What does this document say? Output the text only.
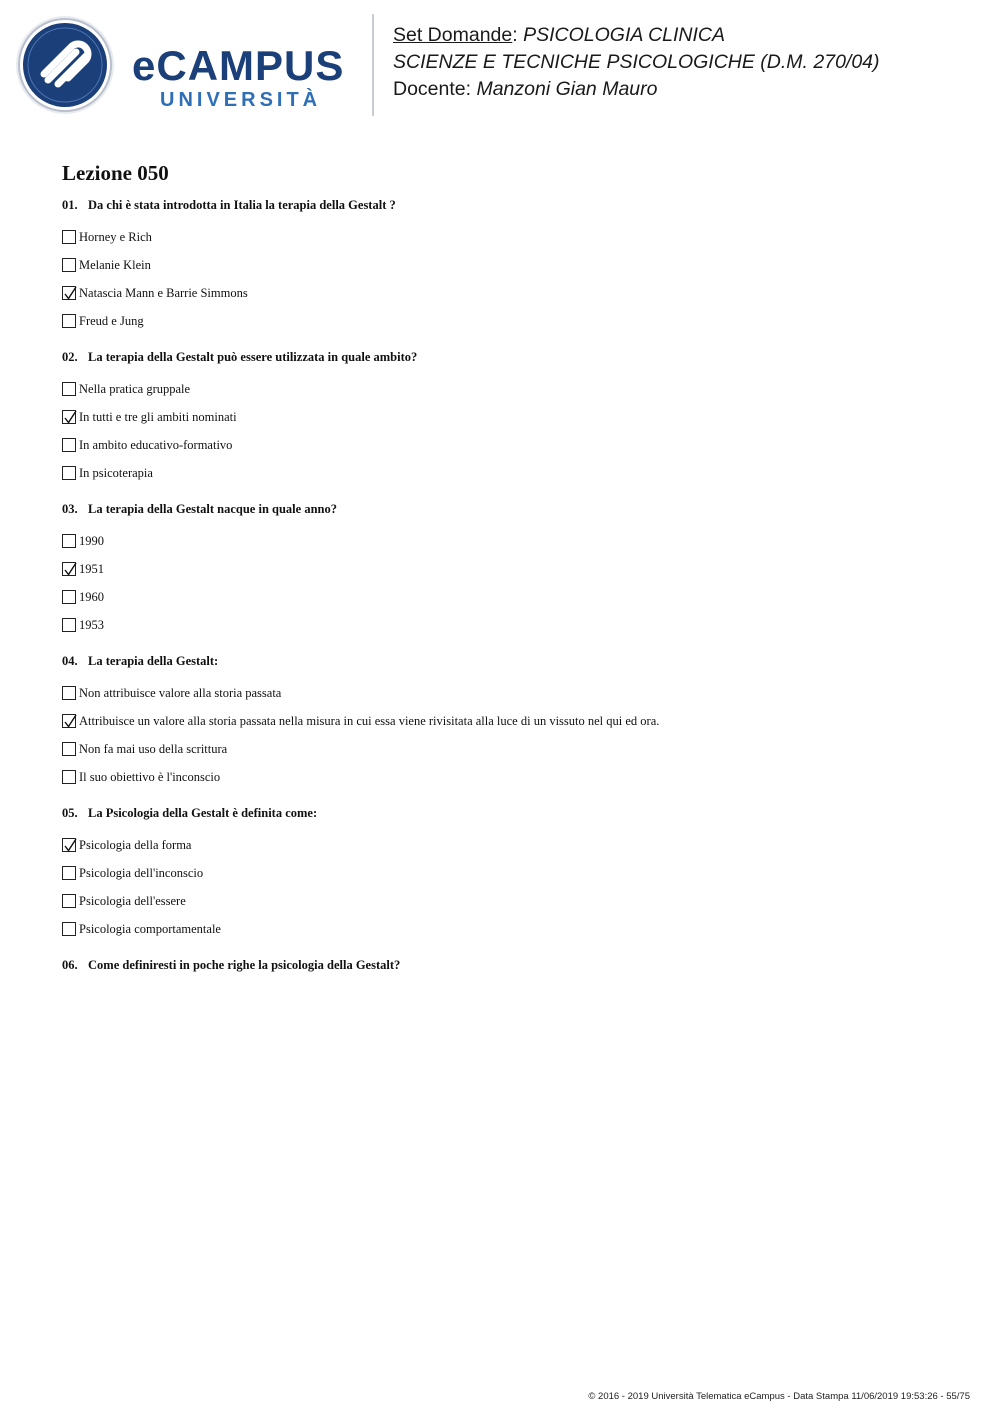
eCAMPUS
UNIVERSITÀ
Set Domande: PSICOLOGIA CLINICA
SCIENZE E TECNICHE PSICOLOGICHE (D.M. 270/04)
Docente: Manzoni Gian Mauro
Lezione 050
01. Da chi è stata introdotta in Italia la terapia della Gestalt ?
Horney e Rich
Melanie Klein
Natascia Mann e Barrie Simmons
Freud e Jung
02. La terapia della Gestalt può essere utilizzata in quale ambito?
Nella pratica gruppale
In tutti e tre gli ambiti nominati
In ambito educativo-formativo
In psicoterapia
03. La terapia della Gestalt nacque in quale anno?
1990
1951
1960
1953
04. La terapia della Gestalt:
Non attribuisce valore alla storia passata
Attribuisce un valore alla storia passata nella misura in cui essa viene rivisitata alla luce di un vissuto nel qui ed ora.
Non fa mai uso della scrittura
Il suo obiettivo è l'inconscio
05. La Psicologia della Gestalt è definita come:
Psicologia della forma
Psicologia dell'inconscio
Psicologia dell'essere
Psicologia comportamentale
06. Come definiresti in poche righe la psicologia della Gestalt?
© 2016 - 2019 Università Telematica eCampus - Data Stampa 11/06/2019 19:53:26 - 55/75
